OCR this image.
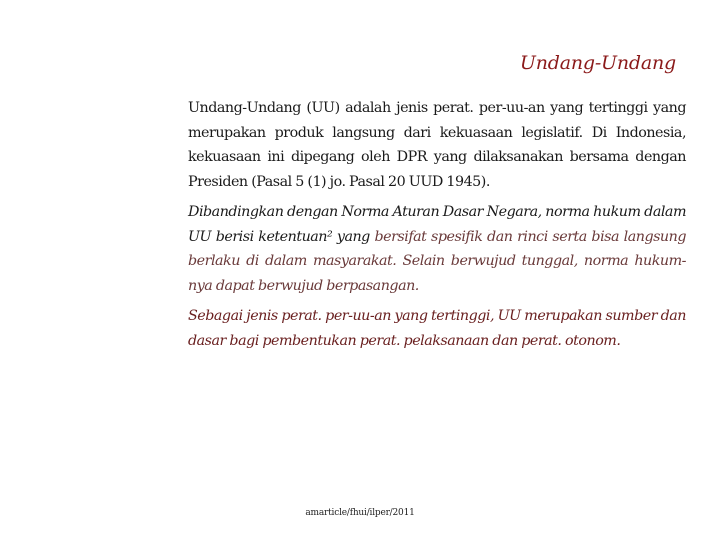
Undang-Undang

Undang-Undang (UU) adalah jenis perat. per-uu-an yang tertinggi yang merupakan produk langsung dari kekuasaan legislatif. Di Indonesia, kekuasaan ini dipegang oleh DPR yang dilaksanakan bersama dengan Presiden (Pasal 5 (1) jo. Pasal 20 UUD 1945).

Dibandingkan dengan Norma Aturan Dasar Negara, norma hukum dalam UU berisi ketentuan² yang bersifat spesifik dan rinci serta bisa langsung berlaku di dalam masyarakat. Selain berwujud tunggal, norma hukum-nya dapat berwujud berpasangan.

Sebagai jenis perat. per-uu-an yang tertinggi, UU merupakan sumber dan dasar bagi pembentukan perat. pelaksanaan dan perat. otonom.

amarticle/fhui/ilper/2011
